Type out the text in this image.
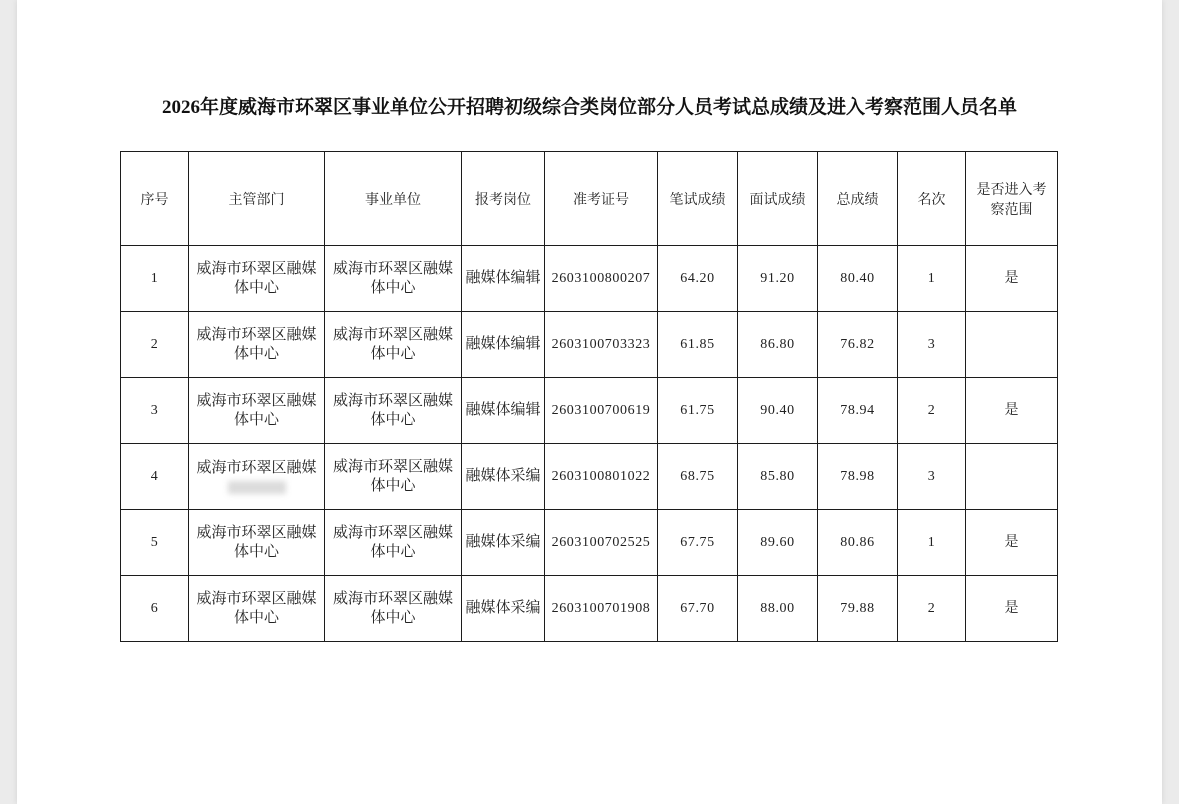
2026年度威海市环翠区事业单位公开招聘初级综合类岗位部分人员考试总成绩及进入考察范围人员名单
序号	主管部门	事业单位	报考岗位	准考证号	笔试成绩	面试成绩	总成绩	名次	是否进入考察范围
1	威海市环翠区融媒体中心	威海市环翠区融媒体中心	融媒体编辑	2603100800207	64.20	91.20	80.40	1	是
2	威海市环翠区融媒体中心	威海市环翠区融媒体中心	融媒体编辑	2603100703323	61.85	86.80	76.82	3	
3	威海市环翠区融媒体中心	威海市环翠区融媒体中心	融媒体编辑	2603100700619	61.75	90.40	78.94	2	是
4	威海市环翠区融媒	威海市环翠区融媒体中心	融媒体采编	2603100801022	68.75	85.80	78.98	3	
5	威海市环翠区融媒体中心	威海市环翠区融媒体中心	融媒体采编	2603100702525	67.75	89.60	80.86	1	是
6	威海市环翠区融媒体中心	威海市环翠区融媒体中心	融媒体采编	2603100701908	67.70	88.00	79.88	2	是
